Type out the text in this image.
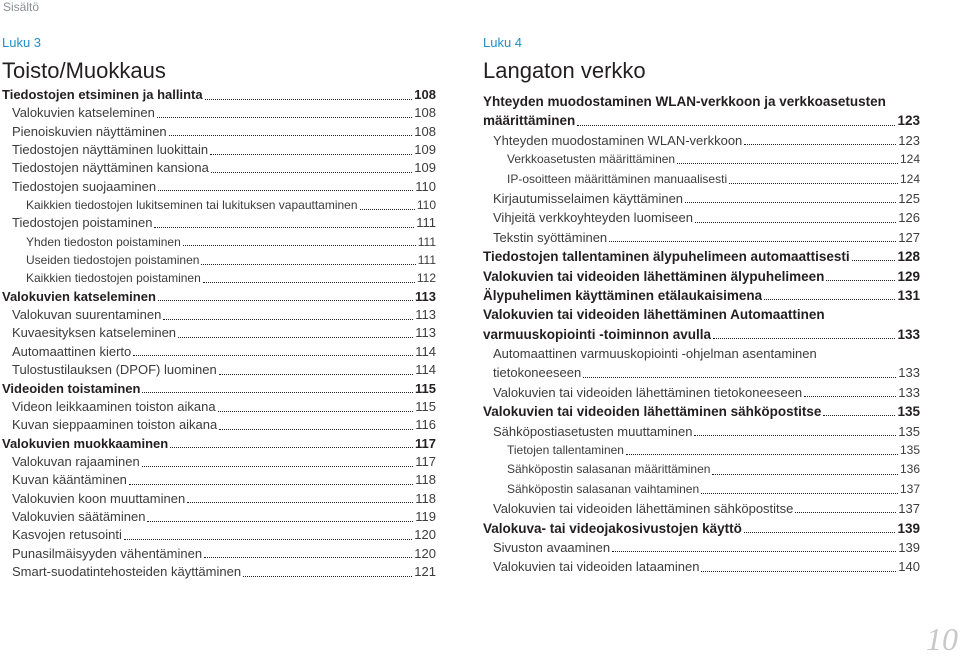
Sisältö
Luku 3
Toisto/Muokkaus
Tiedostojen etsiminen ja hallinta	108
Valokuvien katseleminen	108
Pienoiskuvien näyttäminen	108
Tiedostojen näyttäminen luokittain	109
Tiedostojen näyttäminen kansiona	109
Tiedostojen suojaaminen	110
Kaikkien tiedostojen lukitseminen tai lukituksen vapauttaminen	110
Tiedostojen poistaminen	111
Yhden tiedoston poistaminen	111
Useiden tiedostojen poistaminen	111
Kaikkien tiedostojen poistaminen	112
Valokuvien katseleminen	113
Valokuvan suurentaminen	113
Kuvaesityksen katseleminen	113
Automaattinen kierto	114
Tulostustilauksen (DPOF) luominen	114
Videoiden toistaminen	115
Videon leikkaaminen toiston aikana	115
Kuvan sieppaaminen toiston aikana	116
Valokuvien muokkaaminen	117
Valokuvan rajaaminen	117
Kuvan kääntäminen	118
Valokuvien koon muuttaminen	118
Valokuvien säätäminen	119
Kasvojen retusointi	120
Punasilmäisyyden vähentäminen	120
Smart-suodatintehosteiden käyttäminen	121
Luku 4
Langaton verkko
Yhteyden muodostaminen WLAN-verkkoon ja verkkoasetusten
määrittäminen	123
Yhteyden muodostaminen WLAN-verkkoon	123
Verkkoasetusten määrittäminen	124
IP-osoitteen määrittäminen manuaalisesti	124
Kirjautumisselaimen käyttäminen	125
Vihjeitä verkkoyhteyden luomiseen	126
Tekstin syöttäminen	127
Tiedostojen tallentaminen älypuhelimeen automaattisesti	128
Valokuvien tai videoiden lähettäminen älypuhelimeen	129
Älypuhelimen käyttäminen etälaukaisimena	131
Valokuvien tai videoiden lähettäminen Automaattinen
varmuuskopiointi -toiminnon avulla	133
Automaattinen varmuuskopiointi -ohjelman asentaminen
tietokoneeseen	133
Valokuvien tai videoiden lähettäminen tietokoneeseen	133
Valokuvien tai videoiden lähettäminen sähköpostitse	135
Sähköpostiasetusten muuttaminen	135
Tietojen tallentaminen	135
Sähköpostin salasanan määrittäminen	136
Sähköpostin salasanan vaihtaminen	137
Valokuvien tai videoiden lähettäminen sähköpostitse	137
Valokuva- tai videojakosivustojen käyttö	139
Sivuston avaaminen	139
Valokuvien tai videoiden lataaminen	140
10
